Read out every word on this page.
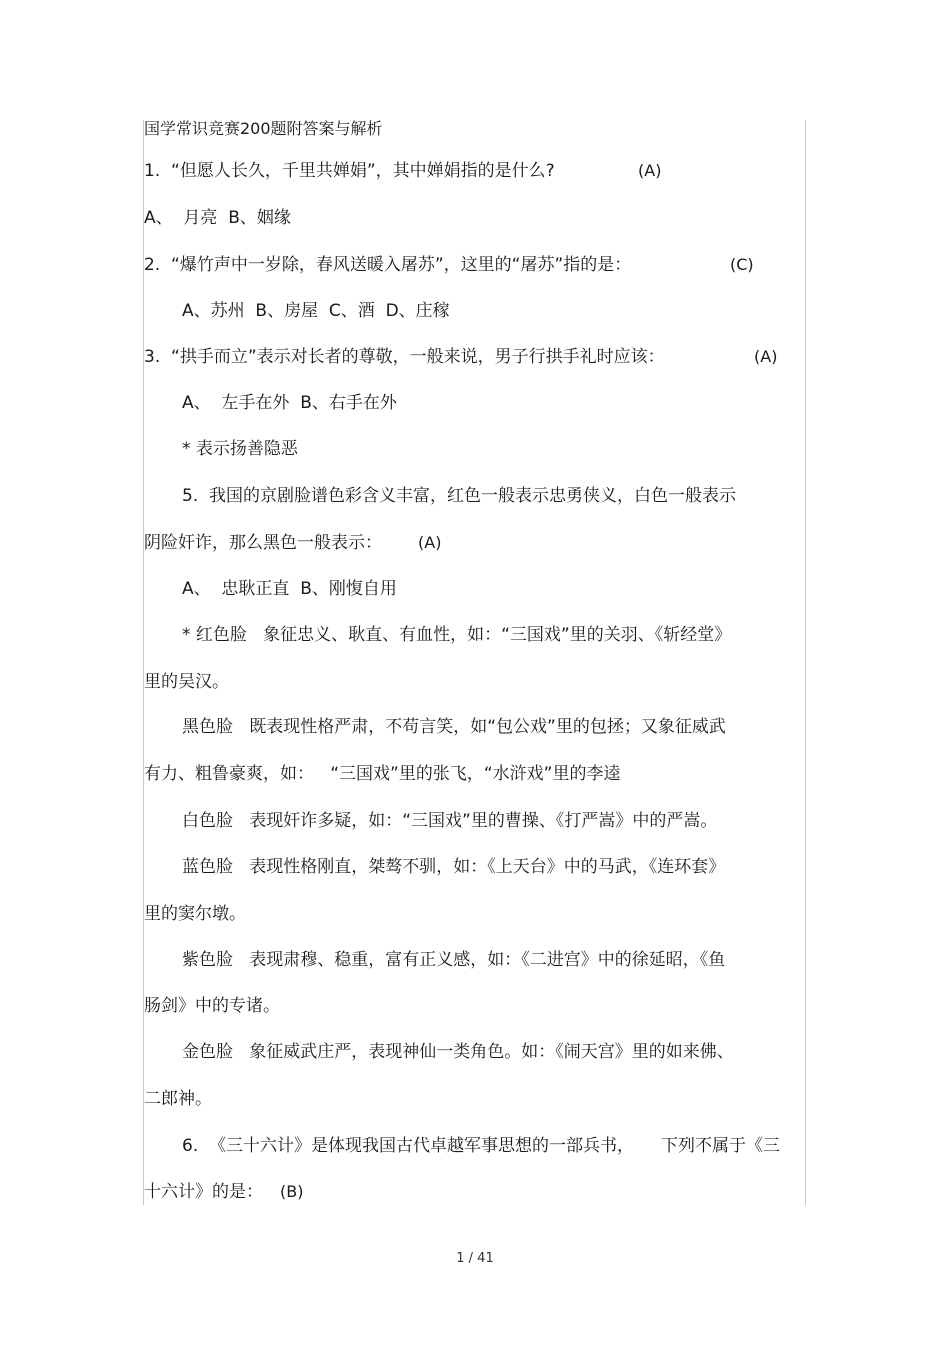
国学常识竞赛200题附答案与解析
1.  “但愿人长久，千里共婵娟”，其中婵娟指的是什么?	(A)
A、  月亮  B、姻缘
2.  “爆竹声中一岁除，春风送暖入屠苏”，这里的“屠苏”指的是：	(C)
A、苏州  B、房屋  C、酒  D、庄稼
3.  “拱手而立”表示对长者的尊敬，一般来说，男子行拱手礼时应该：	(A)
A、  左手在外  B、右手在外
* 表示扬善隐恶
5.  我国的京剧脸谱色彩含义丰富，红色一般表示忠勇侠义，白色一般表示
阴险奸诈，那么黑色一般表示： (A)
A、  忠耿正直  B、刚愎自用
* 红色脸   象征忠义、耿直、有血性，如：“三国戏”里的关羽、《斩经堂》
里的吴汉。
黑色脸   既表现性格严肃，不苟言笑，如“包公戏”里的包拯；又象征威武
有力、粗鲁豪爽，如：   “三国戏”里的张飞，“水浒戏”里的李逵
白色脸   表现奸诈多疑，如：“三国戏”里的曹操、《打严嵩》中的严嵩。
蓝色脸   表现性格刚直，桀骜不驯，如：《上天台》中的马武，《连环套》
里的窦尔墩。
紫色脸   表现肃穆、稳重，富有正义感，如：《二进宫》中的徐延昭，《鱼
肠剑》中的专诸。
金色脸   象征威武庄严，表现神仙一类角色。如：《闹天宫》里的如来佛、
二郎神。
6.  《三十六计》是体现我国古代卓越军事思想的一部兵书，     下列不属于《三
十六计》的是： (B)
1 / 41
